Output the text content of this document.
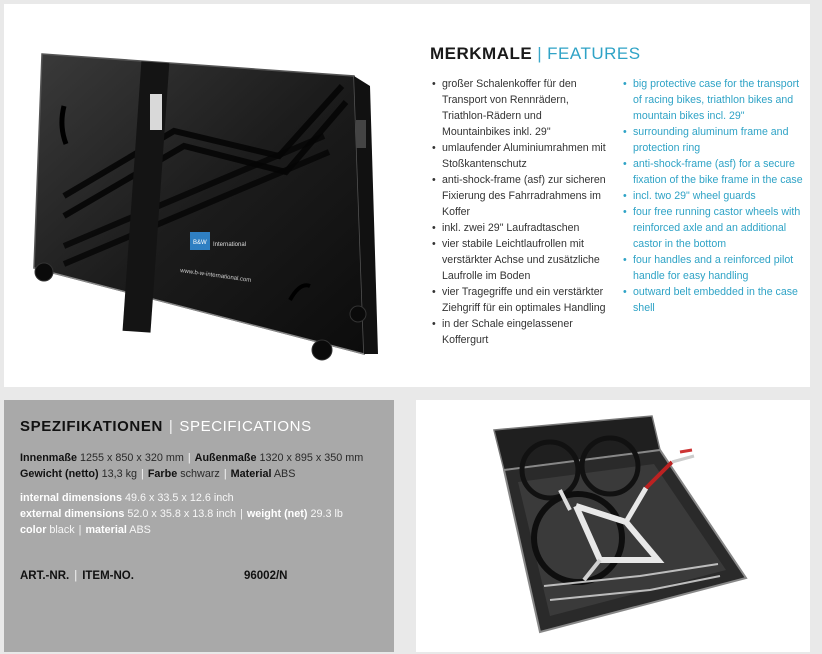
B&W International
www.b-w-international.com
MERKMALE | FEATURES
• großer Schalenkoffer für den Transport von Rennrädern, Triathlon-Rädern und Mountainbikes inkl. 29"
• umlaufender Aluminiumrahmen mit Stoßkantenschutz
• anti-shock-frame (asf) zur sicheren Fixierung des Fahrradrahmens im Koffer
• inkl. zwei 29" Laufradtaschen
• vier stabile Leichtlaufrollen mit verstärkter Achse und zusätzliche Laufrolle im Boden
• vier Tragegriffe und ein verstärkter Ziehgriff für ein optimales Handling
• in der Schale eingelassener Koffergurt
• big protective case for the transport of racing bikes, triathlon bikes and mountain bikes incl. 29"
• surrounding aluminum frame and protection ring
• anti-shock-frame (asf) for a secure fixation of the bike frame in the case
• incl. two 29" wheel guards
• four free running castor wheels with reinforced axle and an additional castor in the bottom
• four handles and a reinforced pilot handle for easy handling
• outward belt embedded in the case shell
SPEZIFIKATIONEN | SPECIFICATIONS
Innenmaße 1255 x 850 x 320 mm | Außenmaße 1320 x 895 x 350 mm
Gewicht (netto) 13,3 kg | Farbe schwarz | Material ABS
internal dimensions 49.6 x 33.5 x 12.6 inch
external dimensions 52.0 x 35.8 x 13.8 inch | weight (net) 29.3 lb
color black | material ABS
ART.-NR. | ITEM-NO.	96002/N
